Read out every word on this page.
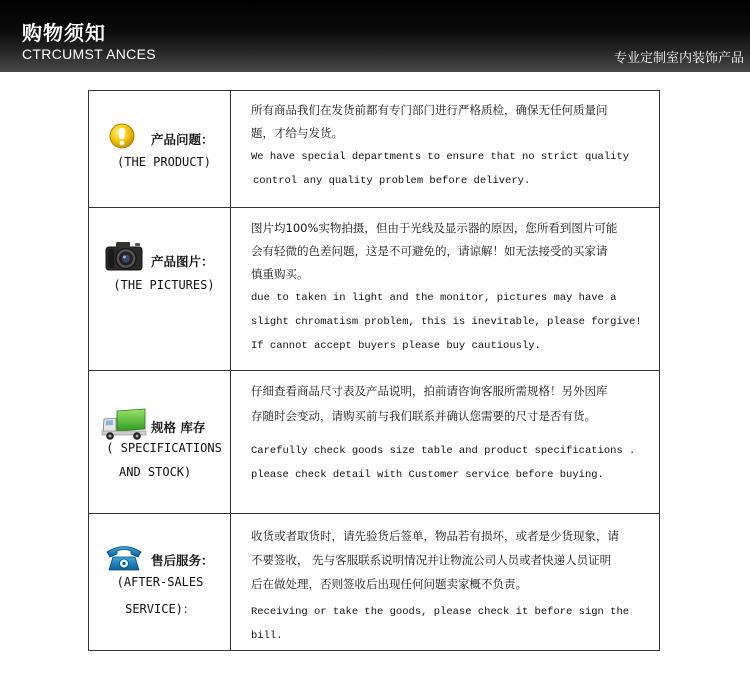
购物须知
CTRCUMST ANCES	专业定制室内装饰产品
产品问题：
(THE PRODUCT)
所有商品我们在发货前都有专门部门进行严格质检，确保无任何质量问
题，才给与发货。
We have special departments to ensure that no strict quality
control any quality problem before delivery.
产品图片：
(THE PICTURES)
图片均100%实物拍摄，但由于光线及显示器的原因，您所看到图片可能
会有轻微的色差问题，这是不可避免的，请谅解！如无法接受的买家请
慎重购买。
due to taken in light and the monitor, pictures may have a
slight chromatism problem, this is inevitable, please forgive!
If cannot accept buyers please buy cautiously.
规格 库存
( SPECIFICATIONS
AND STOCK)
仔细查看商品尺寸表及产品说明，拍前请咨询客服所需规格！另外因库
存随时会变动，请购买前与我们联系并确认您需要的尺寸是否有货。
Carefully check goods size table and product specifications .
please check detail with Customer service before buying.
售后服务：
(AFTER-SALES
SERVICE)：
收货或者取货时，请先验货后签单，物品若有损坏，或者是少货现象，请
不要签收， 先与客服联系说明情况并让物流公司人员或者快递人员证明
后在做处理，否则签收后出现任何问题卖家概不负责。
Receiving or take the goods, please check it before sign the bill.
